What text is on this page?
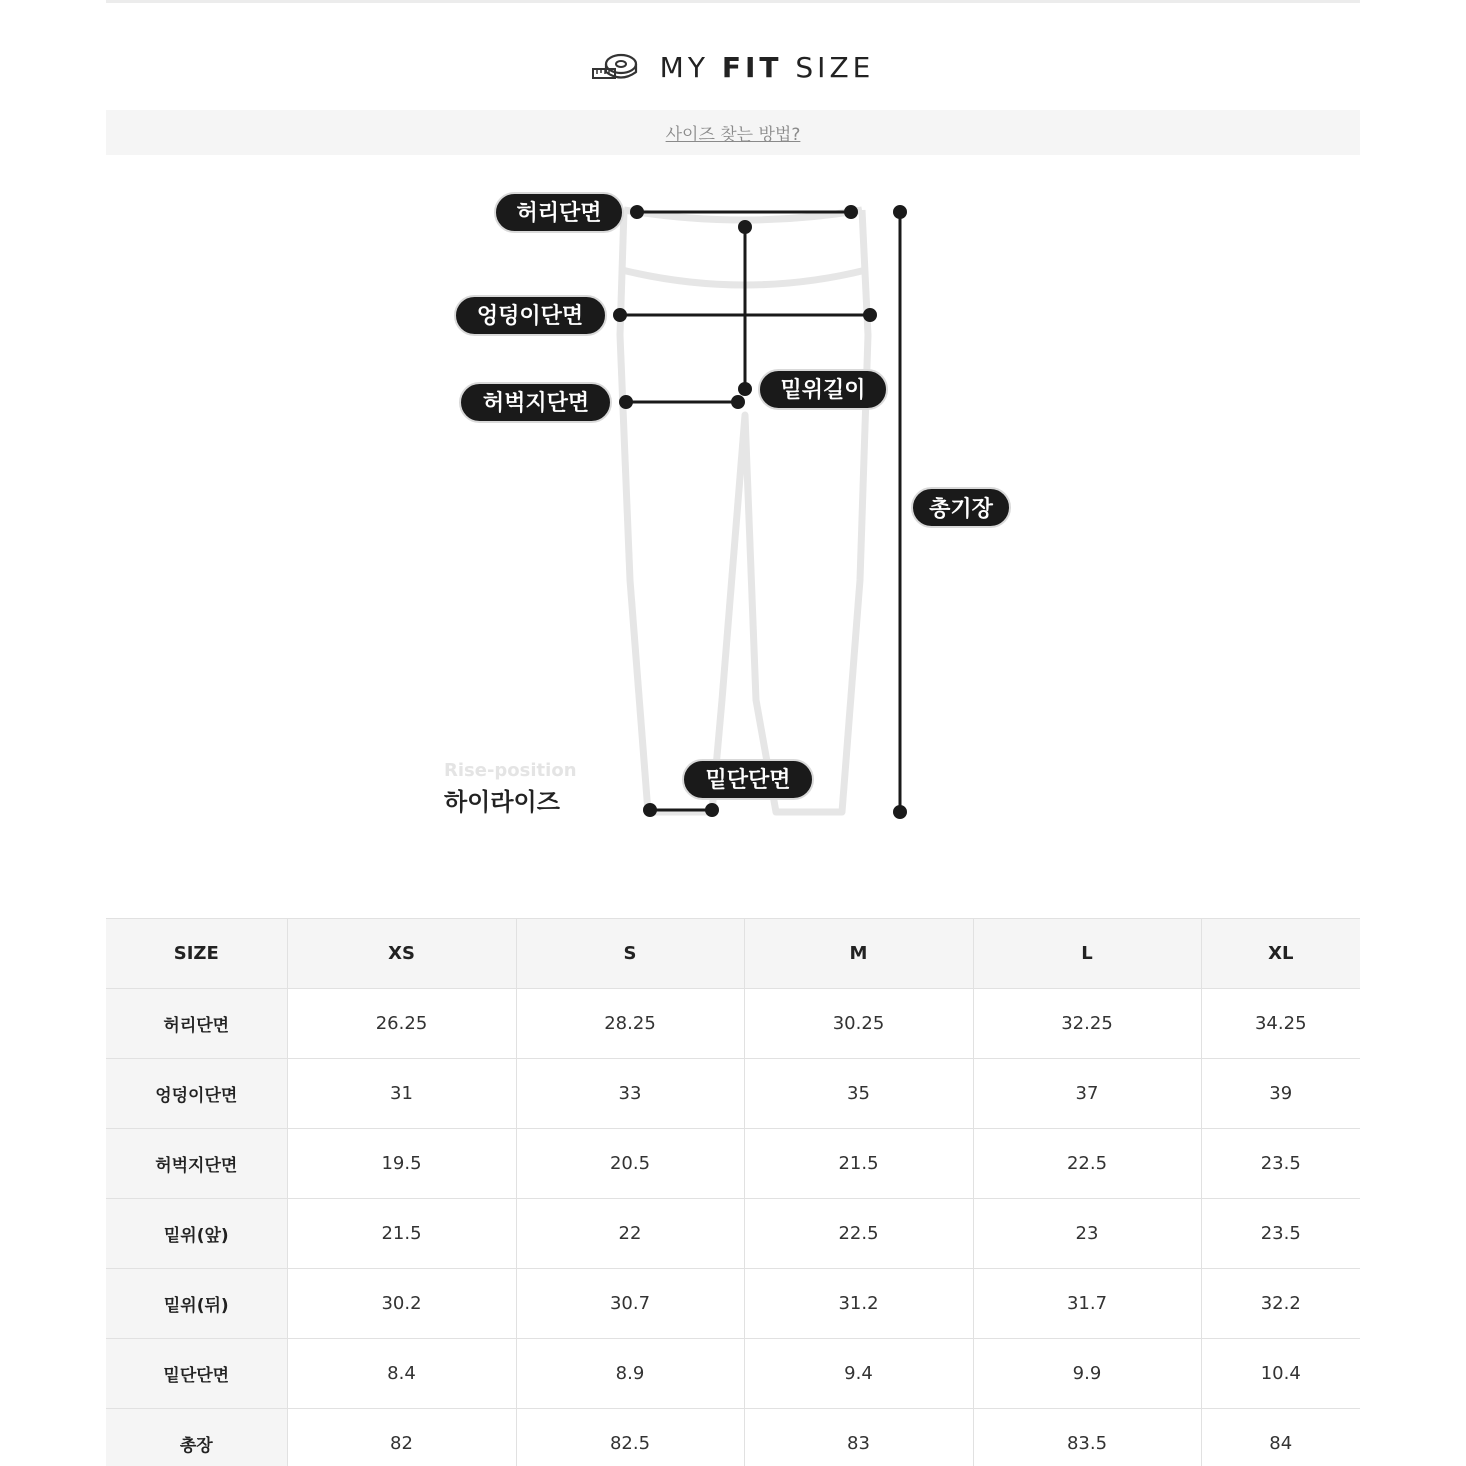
MY FIT SIZE
사이즈 찾는 방법?
허리단면
엉덩이단면
허벅지단면
밑위길이
총기장
밑단단면
Rise-position
하이라이즈
SIZE	XS	S	M	L	XL
허리단면	26.25	28.25	30.25	32.25	34.25
엉덩이단면	31	33	35	37	39
허벅지단면	19.5	20.5	21.5	22.5	23.5
밑위(앞)	21.5	22	22.5	23	23.5
밑위(뒤)	30.2	30.7	31.2	31.7	32.2
밑단단면	8.4	8.9	9.4	9.9	10.4
총장	82	82.5	83	83.5	84
